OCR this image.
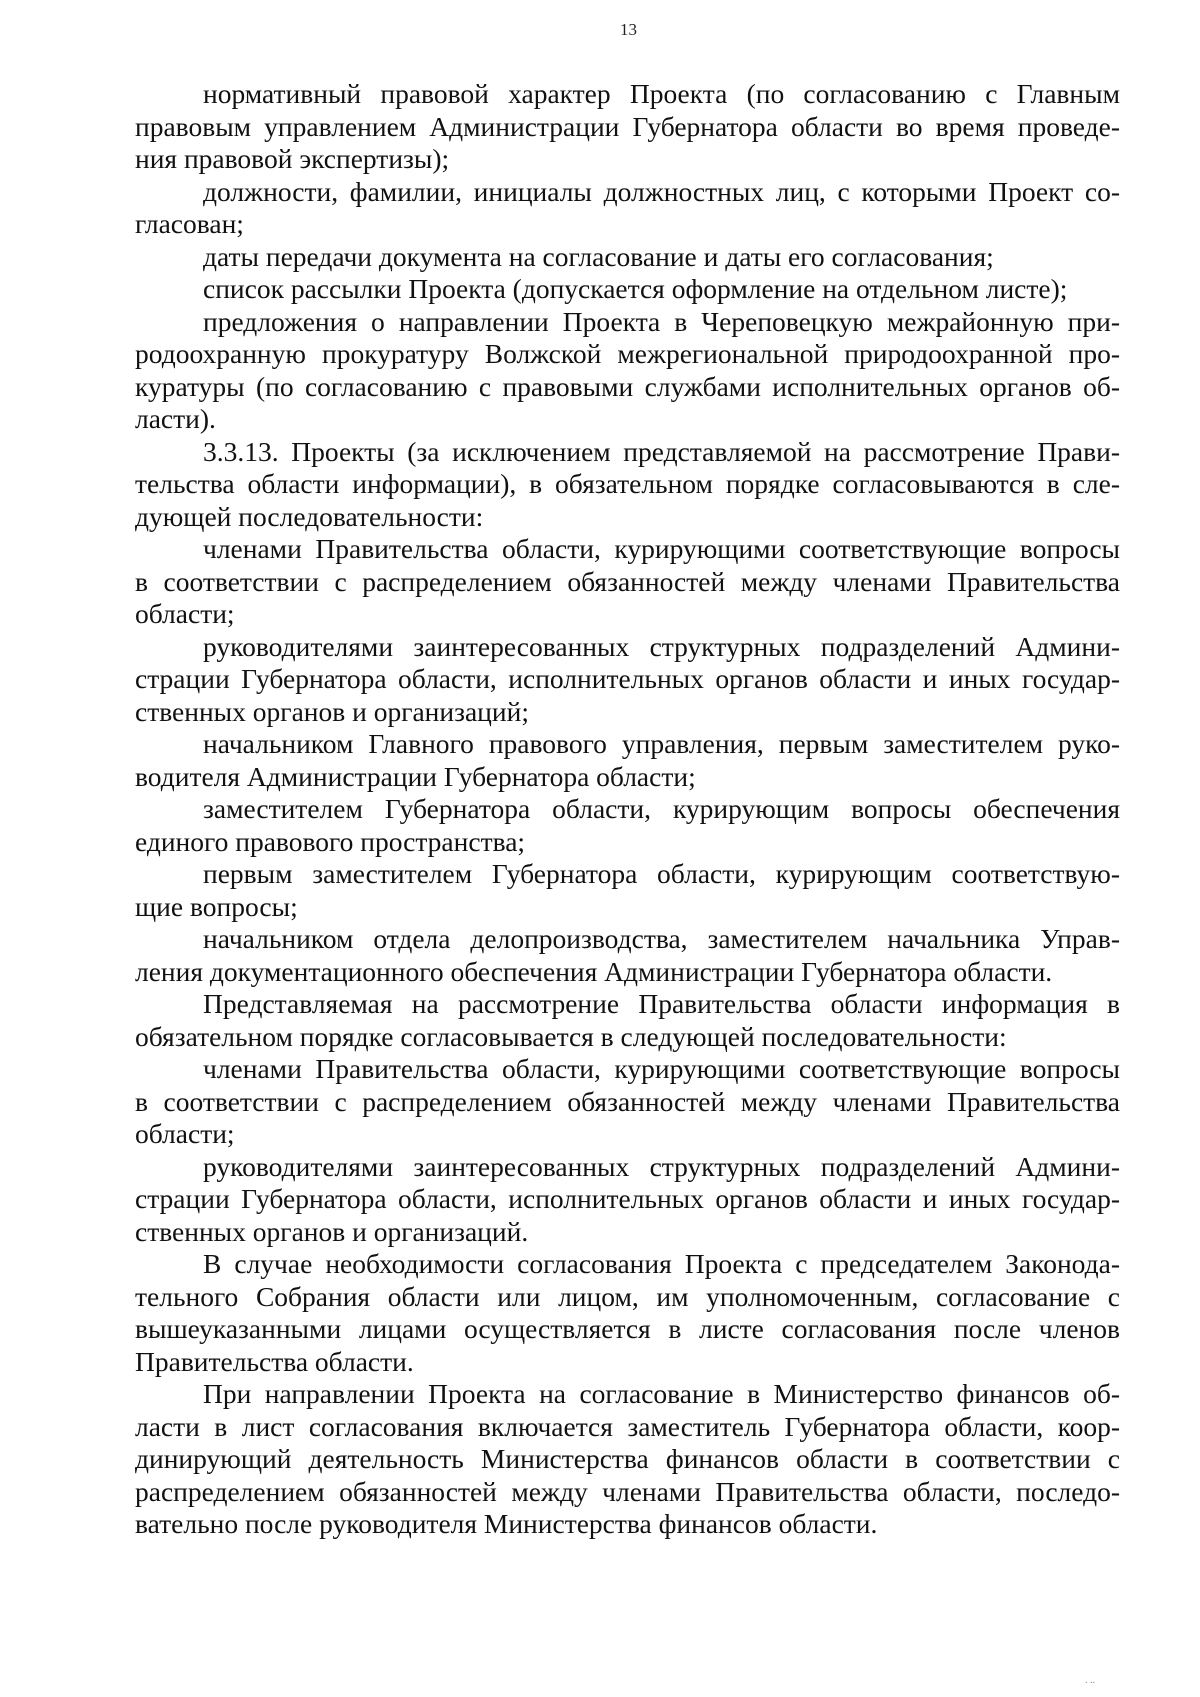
13
нормативный правовой характер Проекта (по согласованию с Главным
правовым управлением Администрации Губернатора области во время проведе-
ния правовой экспертизы);
должности, фамилии, инициалы должностных лиц, с которыми Проект со-
гласован;
даты передачи документа на согласование и даты его согласования;
список рассылки Проекта (допускается оформление на отдельном листе);
предложения о направлении Проекта в Череповецкую межрайонную при-
родоохранную прокуратуру Волжской межрегиональной природоохранной про-
куратуры (по согласованию с правовыми службами исполнительных органов об-
ласти).
3.3.13. Проекты (за исключением представляемой на рассмотрение Прави-
тельства области информации), в обязательном порядке согласовываются в сле-
дующей последовательности:
членами Правительства области, курирующими соответствующие вопросы
в соответствии с распределением обязанностей между членами Правительства
области;
руководителями заинтересованных структурных подразделений Админи-
страции Губернатора области, исполнительных органов области и иных государ-
ственных органов и организаций;
начальником Главного правового управления, первым заместителем руко-
водителя Администрации Губернатора области;
заместителем Губернатора области, курирующим вопросы обеспечения
единого правового пространства;
первым заместителем Губернатора области, курирующим соответствую-
щие вопросы;
начальником отдела делопроизводства, заместителем начальника Управ-
ления документационного обеспечения Администрации Губернатора области.
Представляемая на рассмотрение Правительства области информация в
обязательном порядке согласовывается в следующей последовательности:
членами Правительства области, курирующими соответствующие вопросы
в соответствии с распределением обязанностей между членами Правительства
области;
руководителями заинтересованных структурных подразделений Админи-
страции Губернатора области, исполнительных органов области и иных государ-
ственных органов и организаций.
В случае необходимости согласования Проекта с председателем Законода-
тельного Собрания области или лицом, им уполномоченным, согласование с
вышеуказанными лицами осуществляется в листе согласования после членов
Правительства области.
При направлении Проекта на согласование в Министерство финансов об-
ласти в лист согласования включается заместитель Губернатора области, коор-
динирующий деятельность Министерства финансов области в соответствии с
распределением обязанностей между членами Правительства области, последо-
вательно после руководителя Министерства финансов области.
. ..
